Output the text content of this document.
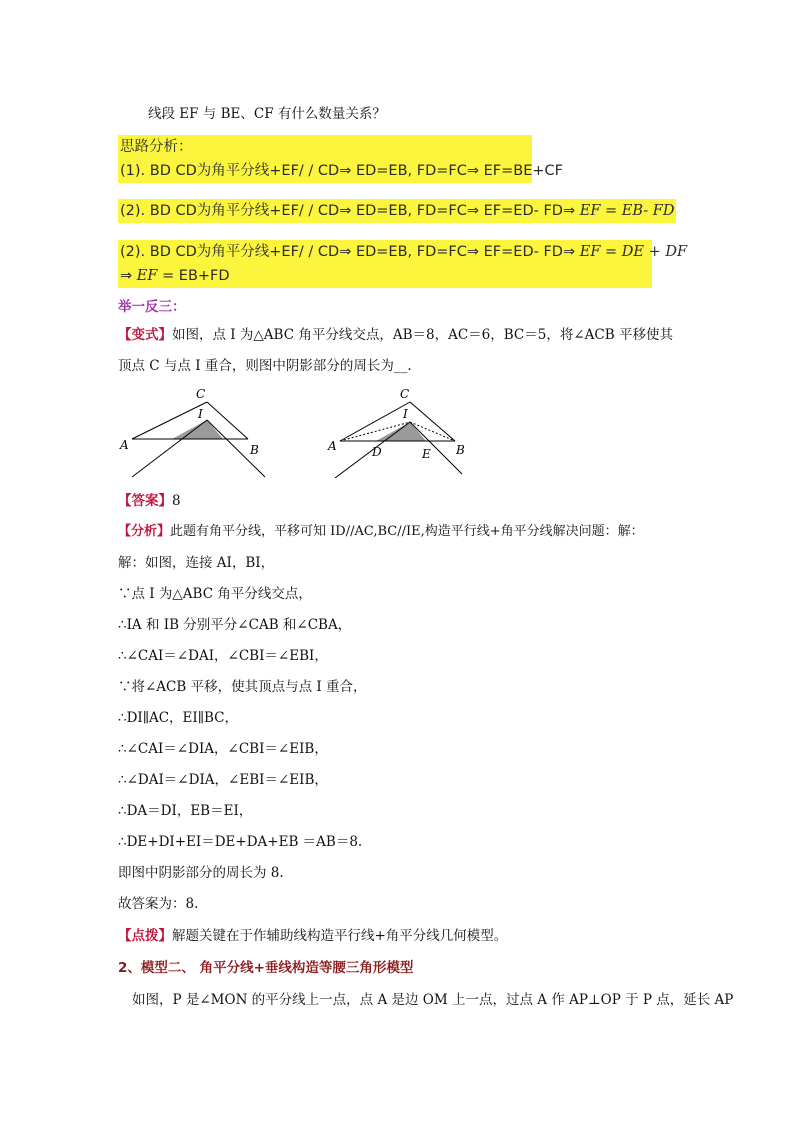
线段 EF 与 BE、CF 有什么数量关系？
思路分析：
(1). BD CD为角平分线+EF/ / CD⇒ ED=EB, FD=FC⇒ EF=BE+CF
(2). BD CD为角平分线+EF/ / CD⇒ ED=EB, FD=FC⇒ EF=ED- FD⇒ EF = EB- FD
(2). BD CD为角平分线+EF/ / CD⇒ ED=EB, FD=FC⇒ EF=ED- FD⇒ EF = DE + DF
⇒ EF = EB+FD
举一反三：
【变式】如图，点 I 为△ABC 角平分线交点，AB＝8，AC＝6，BC＝5，将∠ACB 平移使其
顶点 C 与点 I 重合，则图中阴影部分的周长为__.
A	B
C
I
A	B
C
I
D	E
【答案】8
【分析】此题有角平分线，平移可知 ID//AC,BC//IE,构造平行线+角平分线解决问题：解：
解：如图，连接 AI，BI，
∵点 I 为△ABC 角平分线交点，
∴IA 和 IB 分别平分∠CAB 和∠CBA，
∴∠CAI＝∠DAI，∠CBI＝∠EBI，
∵将∠ACB 平移，使其顶点与点 I 重合，
∴DI∥AC，EI∥BC，
∴∠CAI＝∠DIA，∠CBI＝∠EIB，
∴∠DAI＝∠DIA，∠EBI＝∠EIB，
∴DA＝DI，EB＝EI，
∴DE+DI+EI＝DE+DA+EB ＝AB＝8.
即图中阴影部分的周长为 8.
故答案为：8.
【点拨】解题关键在于作辅助线构造平行线+角平分线几何模型。
2、模型二、 角平分线+垂线构造等腰三角形模型
如图，P 是∠MON 的平分线上一点，点 A 是边 OM 上一点，过点 A 作 AP⊥OP 于 P 点，延长 AP
